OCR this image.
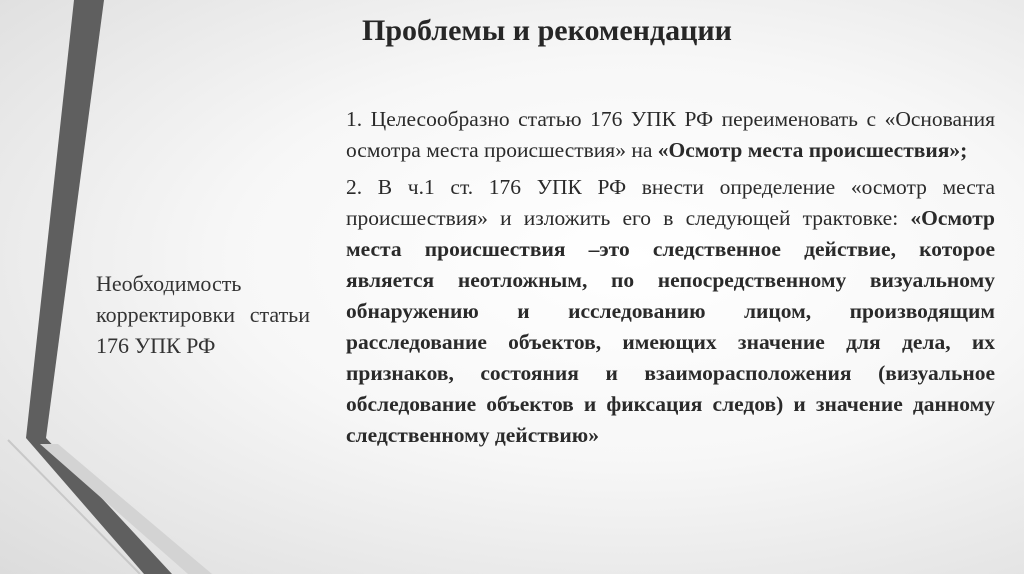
Проблемы и рекомендации
Необходимость корректировки статьи 176 УПК РФ

1. Целесообразно статью 176 УПК РФ переименовать с «Основания осмотра места происшествия» на «Осмотр места происшествия»;

2. В ч.1 ст. 176 УПК РФ внести определение «осмотр места происшествия» и изложить его в следующей трактовке: «Осмотр места происшествия –это следственное действие, которое является неотложным, по непосредственному визуальному обнаружению и исследованию лицом, производящим расследование объектов, имеющих значение для дела, их признаков, состояния и взаиморасположения (визуальное обследование объектов и фиксация следов) и значение данному следственному действию»
